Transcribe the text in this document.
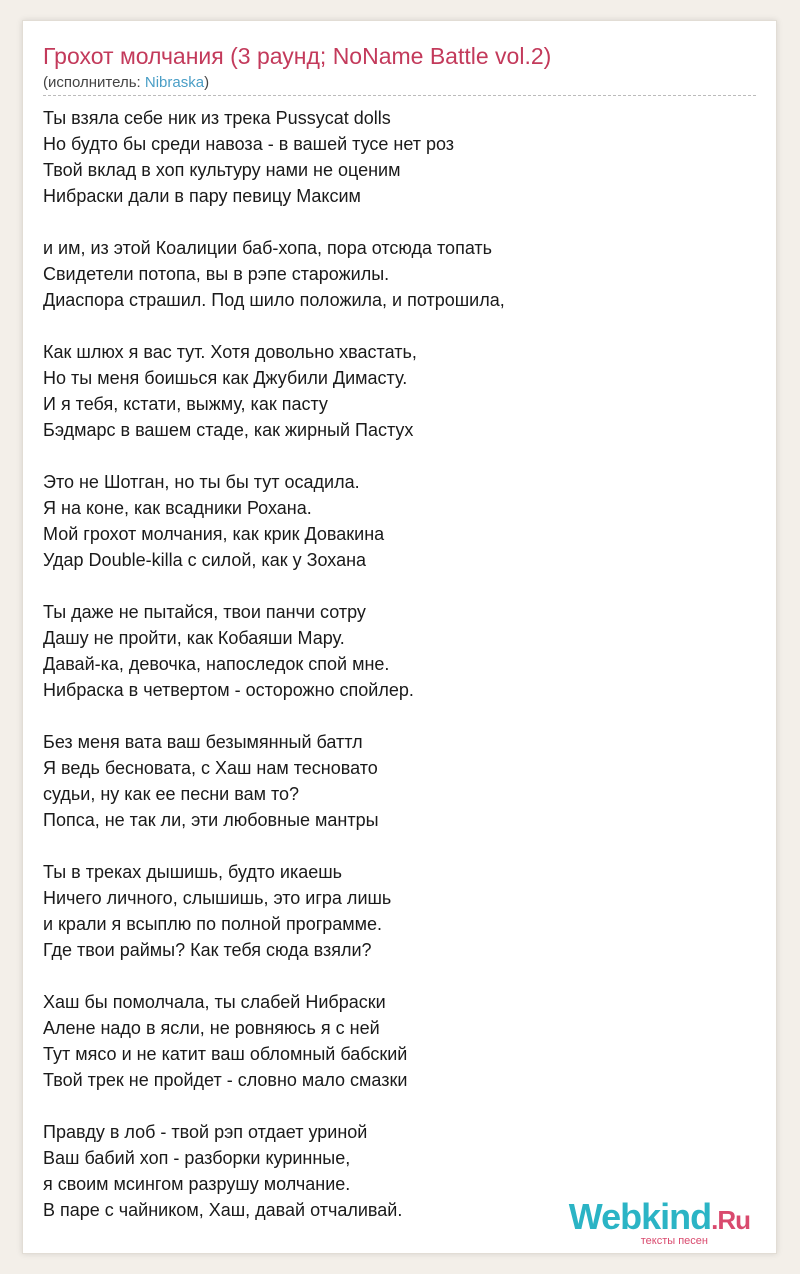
Грохот молчания (3 раунд; NoName Battle vol.2)
(исполнитель: Nibraska)
Ты взяла себе ник из трека Pussycat dolls
Но будто бы среди навоза - в вашей тусе нет роз
Твой вклад в хоп культуру нами не оценим
Нибраски дали в пару певицу Максим
и им, из этой Коалиции баб-хопа, пора отсюда топать
Свидетели потопа, вы в рэпе старожилы.
Диаспора страшил. Под шило положила, и потрошила,
Как шлюх я вас тут. Хотя довольно хвастать,
Но ты меня боишься как Джубили Димасту.
И я тебя, кстати, выжму, как пасту
Бэдмарс в вашем стаде, как жирный Пастух
Это не Шотган, но ты бы тут осадила.
Я на коне, как всадники Рохана.
Мой грохот молчания, как крик Довакина
Удар Double-killa с силой, как у Зохана
Ты даже не пытайся, твои панчи сотру
Дашу не пройти, как Кобаяши Мару.
Давай-ка, девочка, напоследок спой мне.
Нибраска в четвертом - осторожно спойлер.
Без меня вата ваш безымянный баттл
Я ведь бесновата, с Хаш нам тесновато
судьи, ну как ее песни вам то?
Попса, не так ли, эти любовные мантры
Ты в треках дышишь, будто икаешь
Ничего личного, слышишь, это игра лишь
и крали я всыплю по полной программе.
Где твои раймы? Как тебя сюда взяли?
Хаш бы помолчала, ты слабей Нибраски
Алене надо в ясли, не ровняюсь я с ней
Тут мясо и не катит ваш обломный бабский
Твой трек не пройдет - словно мало смазки
Правду в лоб - твой рэп отдает уриной
Ваш бабий хоп - разборки куринные,
я своим мсингом разрушу молчание.
В паре с чайником, Хаш, давай отчаливай.	Webkind.Ru
тексты песен
